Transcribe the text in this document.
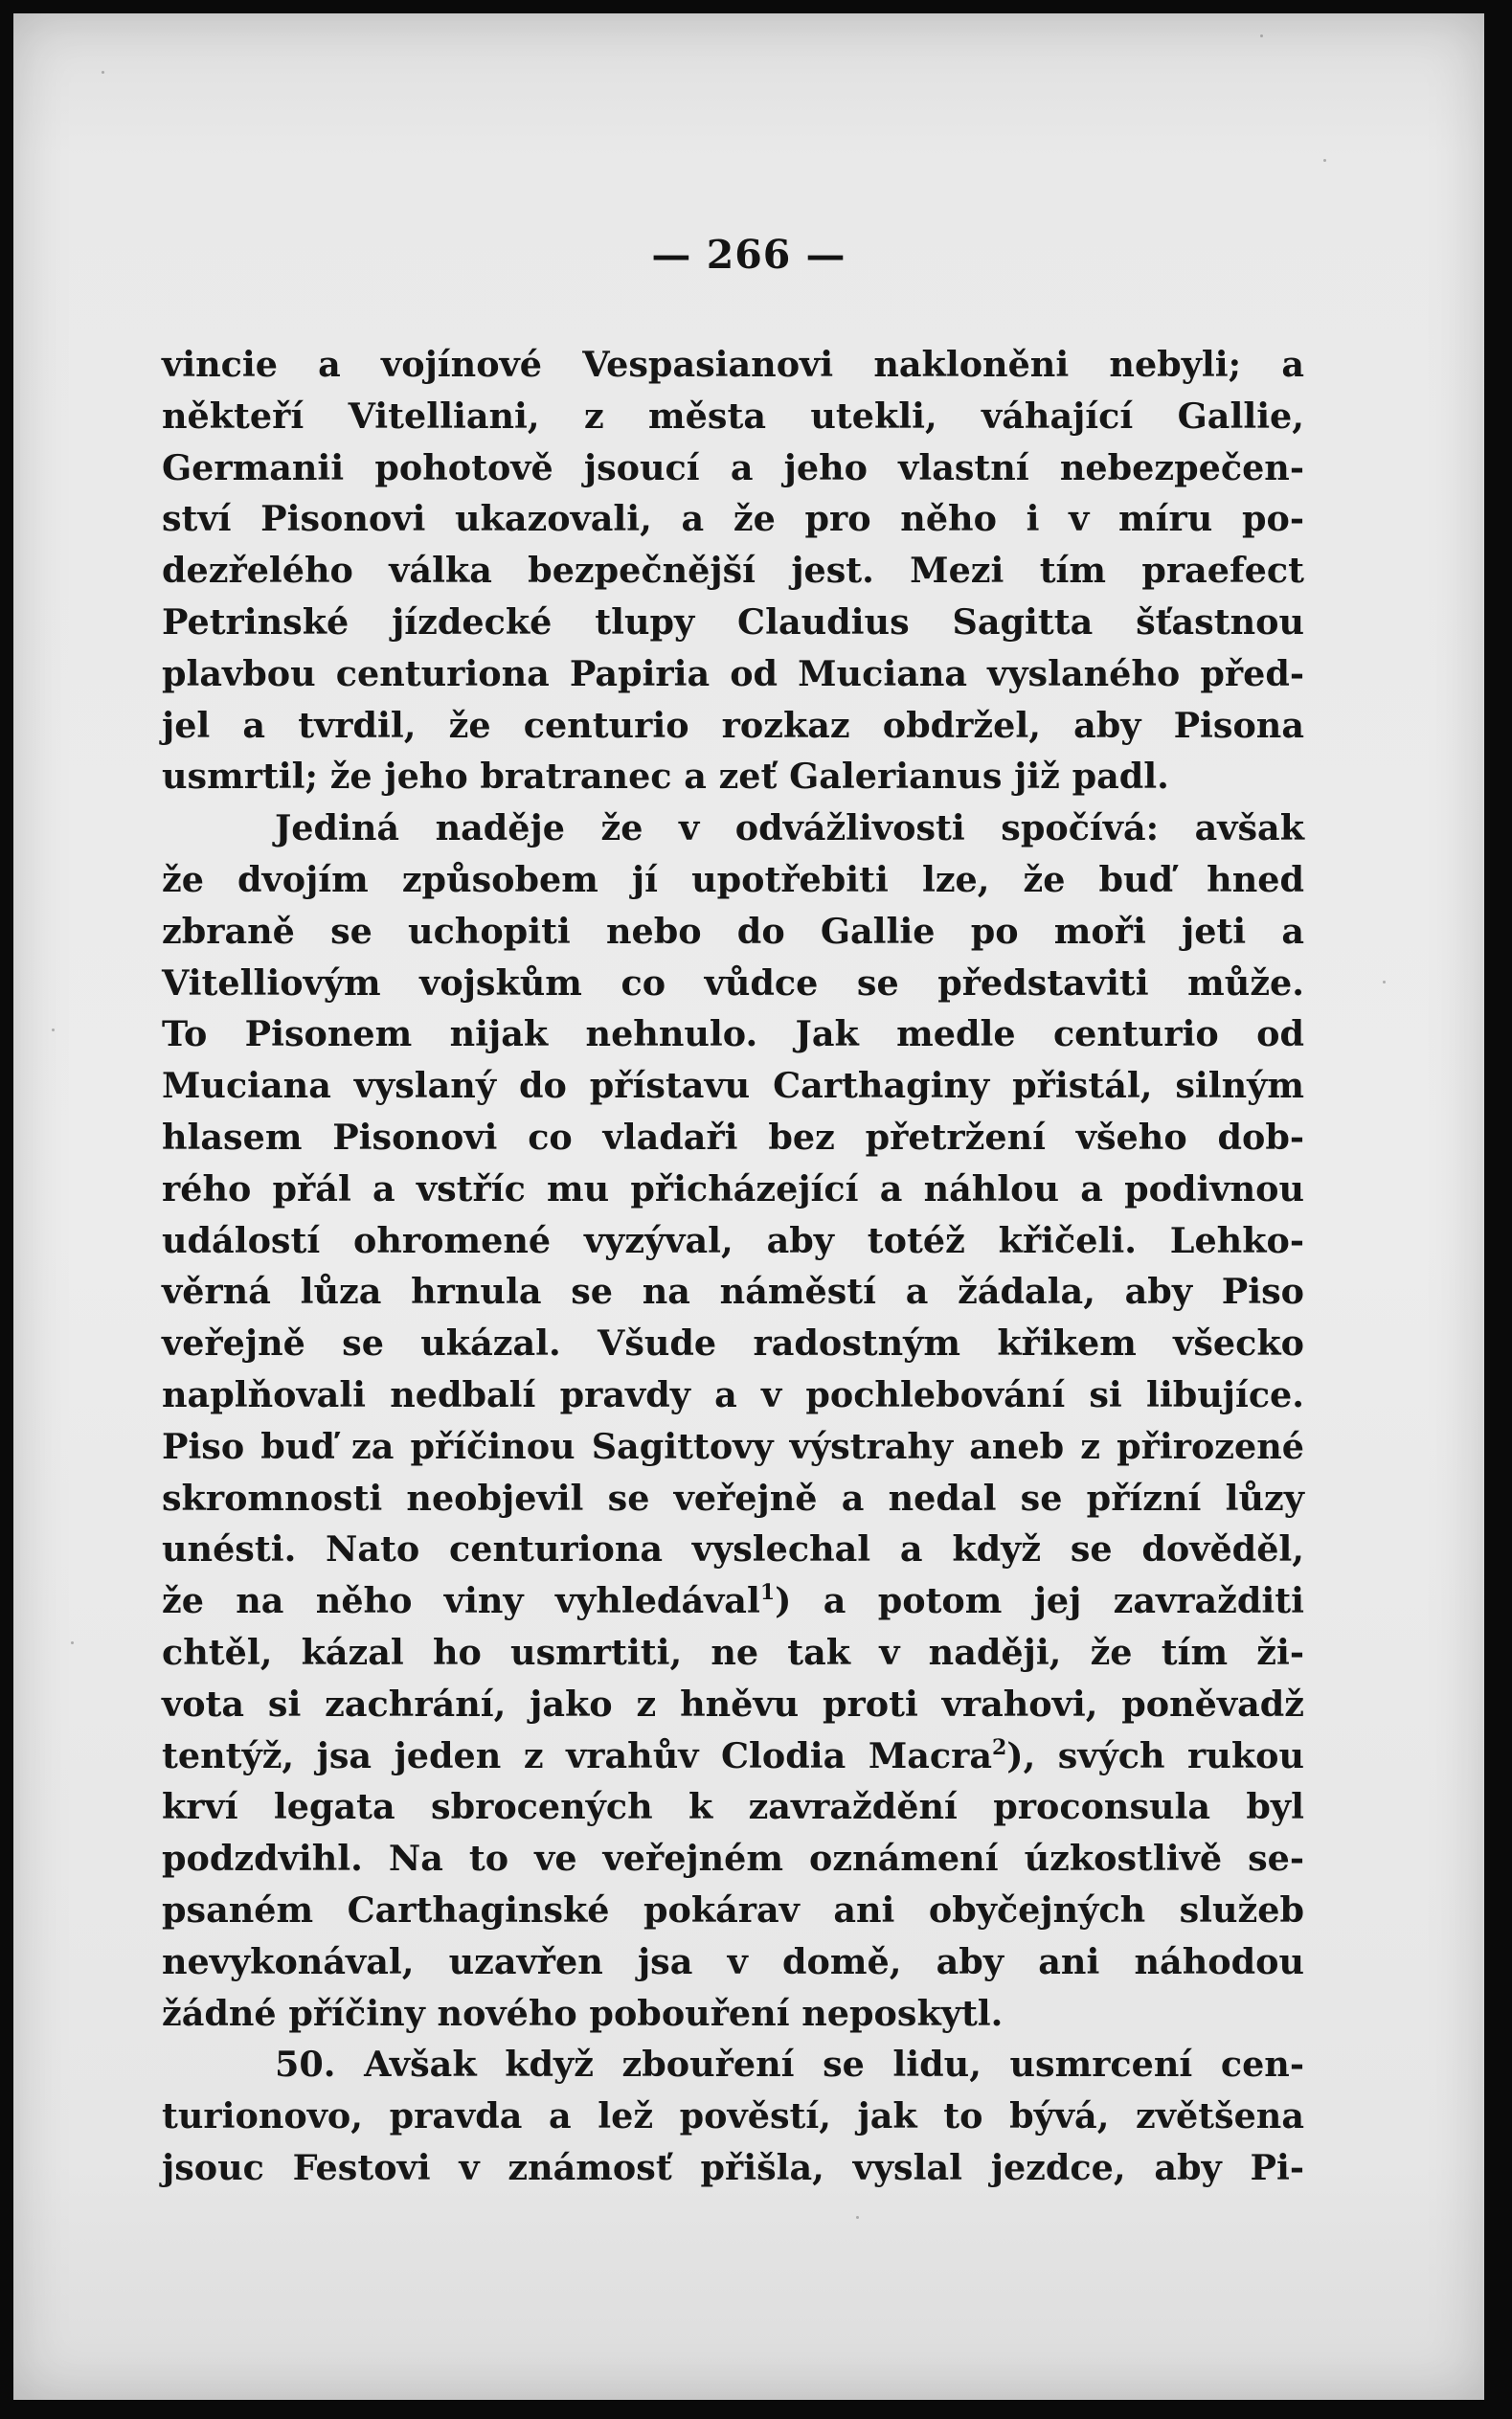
— 266 —
vincie a vojínové Vespasianovi nakloněni nebyli; a
někteří Vitelliani, z města utekli, váhající Gallie,
Germanii pohotově jsoucí a jeho vlastní nebezpečen-
ství Pisonovi ukazovali, a že pro něho i v míru po-
dezřelého válka bezpečnější jest. Mezi tím praefect
Petrinské jízdecké tlupy Claudius Sagitta šťastnou
plavbou centuriona Papiria od Muciana vyslaného před-
jel a tvrdil, že centurio rozkaz obdržel, aby Pisona
usmrtil; že jeho bratranec a zeť Galerianus již padl.
Jediná naděje že v odvážlivosti spočívá: avšak
že dvojím způsobem jí upotřebiti lze, že buď hned
zbraně se uchopiti nebo do Gallie po moři jeti a
Vitelliovým vojskům co vůdce se představiti může.
To Pisonem nijak nehnulo. Jak medle centurio od
Muciana vyslaný do přístavu Carthaginy přistál, silným
hlasem Pisonovi co vladaři bez přetržení všeho dob-
rého přál a vstříc mu přicházející a náhlou a podivnou
událostí ohromené vyzýval, aby totéž křičeli. Lehko-
věrná lůza hrnula se na náměstí a žádala, aby Piso
veřejně se ukázal. Všude radostným křikem všecko
naplňovali nedbalí pravdy a v pochlebování si libujíce.
Piso buď za příčinou Sagittovy výstrahy aneb z přirozené
skromnosti neobjevil se veřejně a nedal se přízní lůzy
unésti. Nato centuriona vyslechal a když se dověděl,
že na něho viny vyhledával$^1$) a potom jej zavražditi
chtěl, kázal ho usmrtiti, ne tak v naději, že tím ži-
vota si zachrání, jako z hněvu proti vrahovi, poněvadž
tentýž, jsa jeden z vrahův Clodia Macra$^2$), svých rukou
krví legata sbrocených k zavraždění proconsula byl
podzdvihl. Na to ve veřejném oznámení úzkostlivě se-
psaném Carthaginské pokárav ani obyčejných služeb
nevykonával, uzavřen jsa v domě, aby ani náhodou
žádné příčiny nového pobouření neposkytl.
50. Avšak když zbouření se lidu, usmrcení cen-
turionovo, pravda a lež pověstí, jak to bývá, zvětšena
jsouc Festovi v známosť přišla, vyslal jezdce, aby Pi-
